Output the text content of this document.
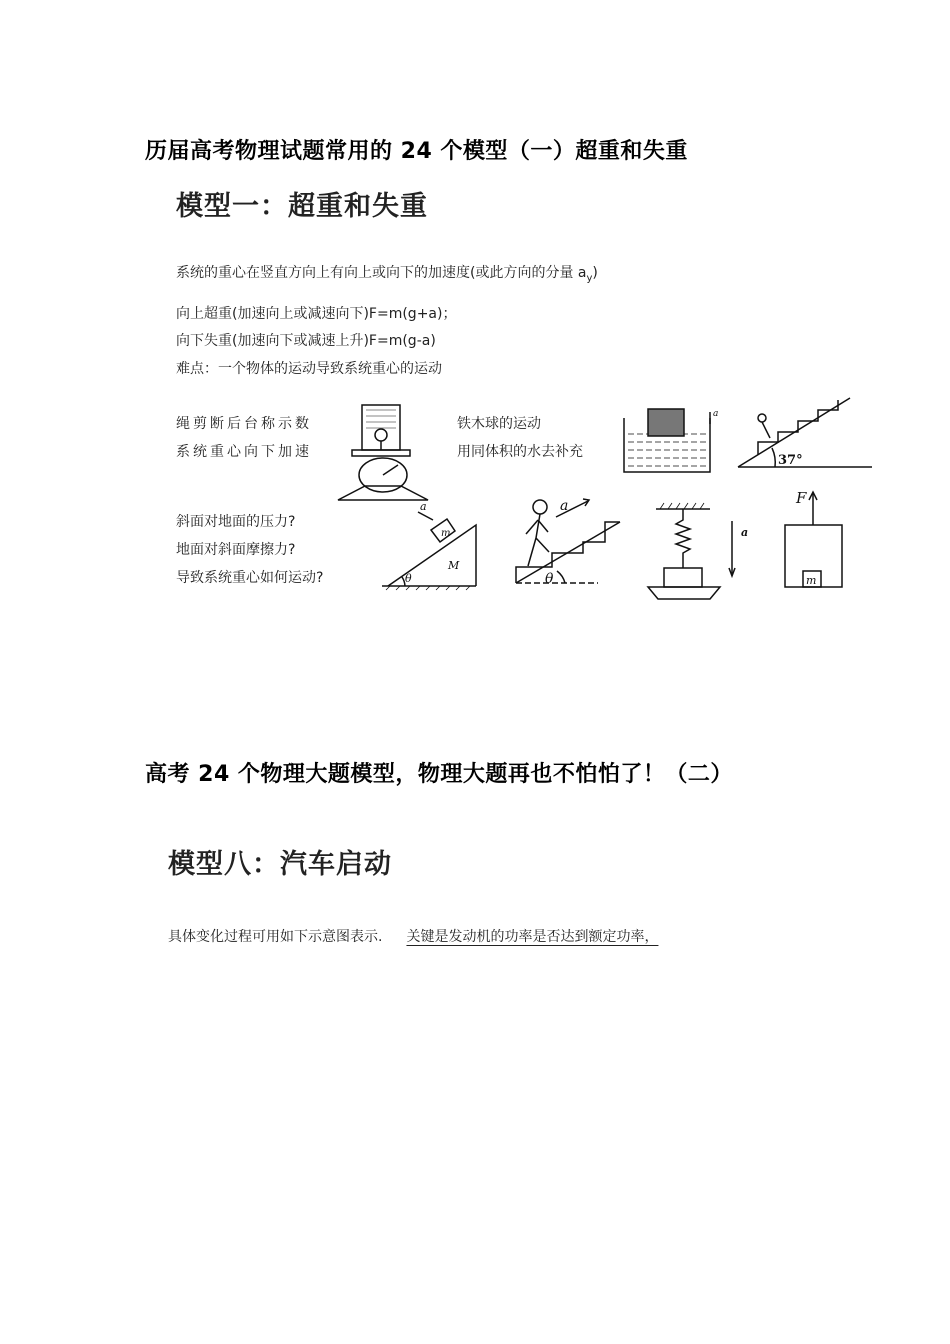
历届高考物理试题常用的 24 个模型（一）超重和失重
模型一：超重和失重
系统的重心在竖直方向上有向上或向下的加速度(或此方向的分量 $a_y$)
向上超重(加速向上或减速向下)F=m(g+a)；
向下失重(加速向下或减速上升)F=m(g-a)
难点：一个物体的运动导致系统重心的运动
绳剪断后台称示数
系统重心向下加速
铁木球的运动
用同体积的水去补充
斜面对地面的压力?
地面对斜面摩擦力?
导致系统重心如何运动?
a
37°
a
m
M
θ
a
θ
a
F
m
高考 24 个物理大题模型，物理大题再也不怕怕了！（二）
模型八：汽车启动
具体变化过程可用如下示意图表示. 关键是发动机的功率是否达到额定功率，
